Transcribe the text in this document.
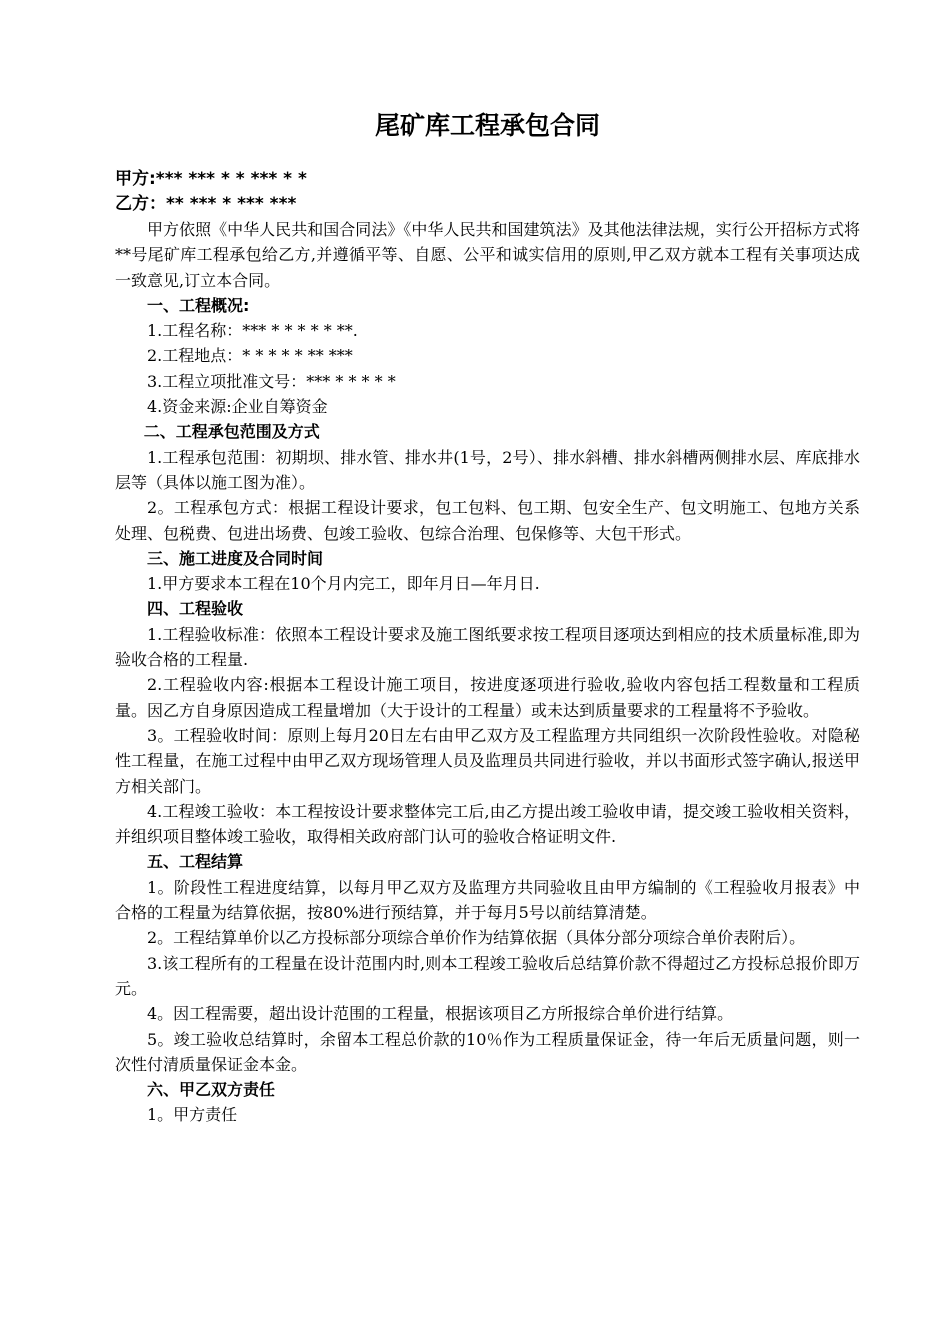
尾矿库工程承包合同
甲方:*** *** * * *** * *
乙方：** *** * *** ***

甲方依照《中华人民共和国合同法》《中华人民共和国建筑法》及其他法律法规，实行公开招标方式将**号尾矿库工程承包给乙方,并遵循平等、自愿、公平和诚实信用的原则,甲乙双方就本工程有关事项达成一致意见,订立本合同。

一、工程概况:

1.工程名称：*** * * * * * **.

2.工程地点：* * * * * ** ***

3.工程立项批准文号：*** * * * * *

4.资金来源:企业自筹资金

二、工程承包范围及方式

1.工程承包范围：初期坝、排水管、排水井(1号，2号）、排水斜槽、排水斜槽两侧排水层、库底排水层等（具体以施工图为准）。

2。工程承包方式：根据工程设计要求，包工包料、包工期、包安全生产、包文明施工、包地方关系处理、包税费、包进出场费、包竣工验收、包综合治理、包保修等、大包干形式。

三、施工进度及合同时间

1.甲方要求本工程在10个月内完工，即年月日—年月日.

四、工程验收

1.工程验收标准：依照本工程设计要求及施工图纸要求按工程项目逐项达到相应的技术质量标准,即为验收合格的工程量.

2.工程验收内容:根据本工程设计施工项目，按进度逐项进行验收,验收内容包括工程数量和工程质量。因乙方自身原因造成工程量增加（大于设计的工程量）或未达到质量要求的工程量将不予验收。

3。工程验收时间：原则上每月20日左右由甲乙双方及工程监理方共同组织一次阶段性验收。对隐秘性工程量，在施工过程中由甲乙双方现场管理人员及监理员共同进行验收，并以书面形式签字确认,报送甲方相关部门。

4.工程竣工验收：本工程按设计要求整体完工后,由乙方提出竣工验收申请，提交竣工验收相关资料，并组织项目整体竣工验收，取得相关政府部门认可的验收合格证明文件.

五、工程结算

1。阶段性工程进度结算，以每月甲乙双方及监理方共同验收且由甲方编制的《工程验收月报表》中合格的工程量为结算依据，按80%进行预结算，并于每月5号以前结算清楚。

2。工程结算单价以乙方投标部分项综合单价作为结算依据（具体分部分项综合单价表附后）。

3.该工程所有的工程量在设计范围内时,则本工程竣工验收后总结算价款不得超过乙方投标总报价即万元。

4。因工程需要，超出设计范围的工程量，根据该项目乙方所报综合单价进行结算。

5。竣工验收总结算时，余留本工程总价款的10％作为工程质量保证金，待一年后无质量问题，则一次性付清质量保证金本金。

六、甲乙双方责任

1。甲方责任
